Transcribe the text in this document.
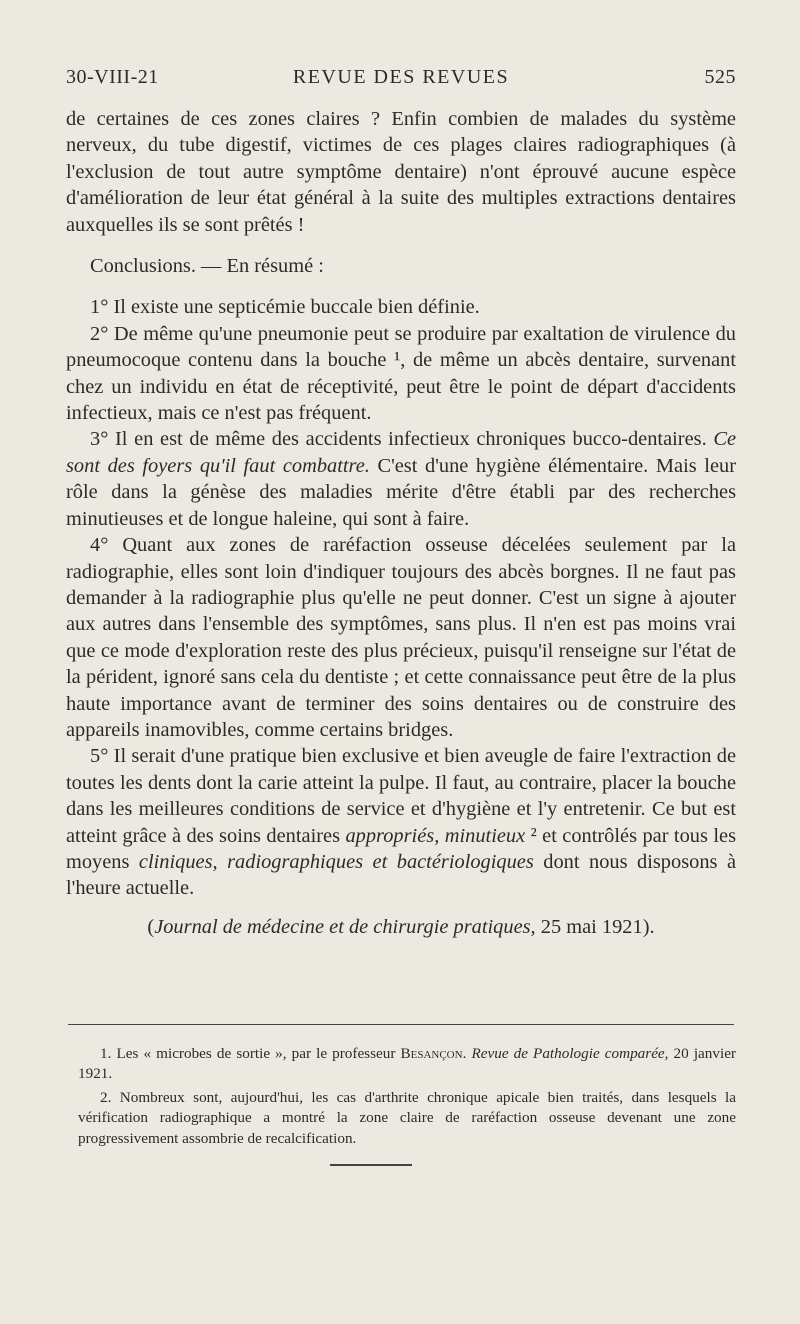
30-VIII-21	REVUE DES REVUES	525

de certaines de ces zones claires ? Enfin combien de malades du système nerveux, du tube digestif, victimes de ces plages claires radiographiques (à l'exclusion de tout autre symptôme dentaire) n'ont éprouvé aucune espèce d'amélioration de leur état général à la suite des multiples extractions dentaires auxquelles ils se sont prêtés !

Conclusions. — En résumé :

1° Il existe une septicémie buccale bien définie.

2° De même qu'une pneumonie peut se produire par exaltation de virulence du pneumocoque contenu dans la bouche ¹, de même un abcès dentaire, survenant chez un individu en état de réceptivité, peut être le point de départ d'accidents infectieux, mais ce n'est pas fréquent.

3° Il en est de même des accidents infectieux chroniques bucco-dentaires. Ce sont des foyers qu'il faut combattre. C'est d'une hygiène élémentaire. Mais leur rôle dans la génèse des maladies mérite d'être établi par des recherches minutieuses et de longue haleine, qui sont à faire.

4° Quant aux zones de raréfaction osseuse décelées seulement par la radiographie, elles sont loin d'indiquer toujours des abcès borgnes. Il ne faut pas demander à la radiographie plus qu'elle ne peut donner. C'est un signe à ajouter aux autres dans l'ensemble des symptômes, sans plus. Il n'en est pas moins vrai que ce mode d'exploration reste des plus précieux, puisqu'il renseigne sur l'état de la pérident, ignoré sans cela du dentiste ; et cette connaissance peut être de la plus haute importance avant de terminer des soins dentaires ou de construire des appareils inamovibles, comme certains bridges.

5° Il serait d'une pratique bien exclusive et bien aveugle de faire l'extraction de toutes les dents dont la carie atteint la pulpe. Il faut, au contraire, placer la bouche dans les meilleures conditions de service et d'hygiène et l'y entretenir. Ce but est atteint grâce à des soins dentaires appropriés, minutieux ² et contrôlés par tous les moyens cliniques, radiographiques et bactériologiques dont nous disposons à l'heure actuelle.

(Journal de médecine et de chirurgie pratiques, 25 mai 1921).

1. Les « microbes de sortie », par le professeur Besançon. Revue de Pathologie comparée, 20 janvier 1921.

2. Nombreux sont, aujourd'hui, les cas d'arthrite chronique apicale bien traités, dans lesquels la vérification radiographique a montré la zone claire de raréfaction osseuse devenant une zone progressivement assombrie de recalcification.
